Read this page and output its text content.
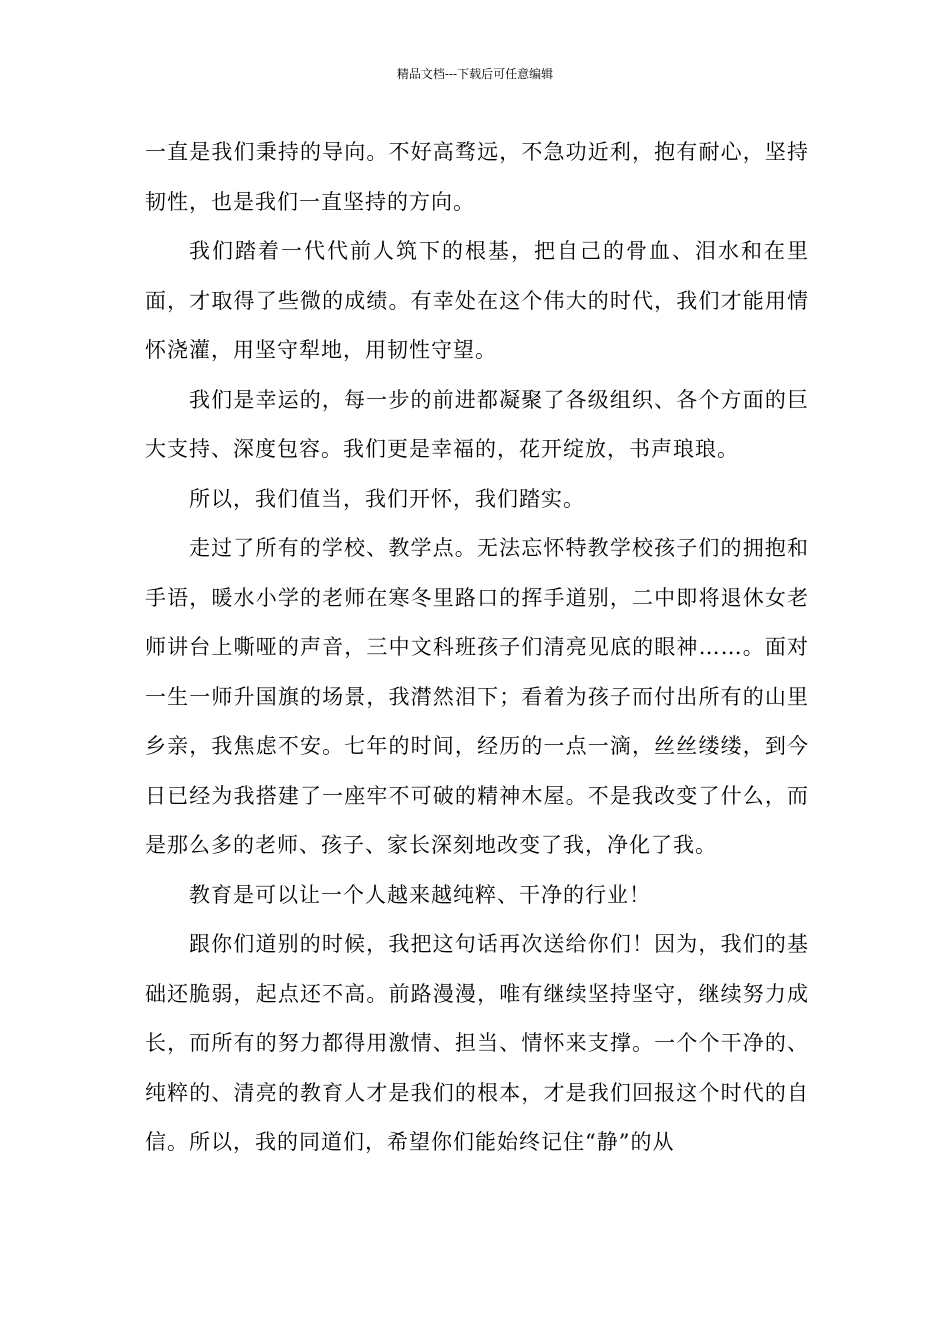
精品文档---下载后可任意编辑

一直是我们秉持的导向。不好高骛远，不急功近利，抱有耐心，坚持韧性，也是我们一直坚持的方向。

我们踏着一代代前人筑下的根基，把自己的骨血、泪水和在里面，才取得了些微的成绩。有幸处在这个伟大的时代，我们才能用情怀浇灌，用坚守犁地，用韧性守望。

我们是幸运的，每一步的前进都凝聚了各级组织、各个方面的巨大支持、深度包容。我们更是幸福的，花开绽放，书声琅琅。

所以，我们值当，我们开怀，我们踏实。

走过了所有的学校、教学点。无法忘怀特教学校孩子们的拥抱和手语，暖水小学的老师在寒冬里路口的挥手道别，二中即将退休女老师讲台上嘶哑的声音，三中文科班孩子们清亮见底的眼神……。面对一生一师升国旗的场景，我潸然泪下；看着为孩子而付出所有的山里乡亲，我焦虑不安。七年的时间，经历的一点一滴，丝丝缕缕，到今日已经为我搭建了一座牢不可破的精神木屋。不是我改变了什么，而是那么多的老师、孩子、家长深刻地改变了我，净化了我。

教育是可以让一个人越来越纯粹、干净的行业！

跟你们道别的时候，我把这句话再次送给你们！因为，我们的基础还脆弱，起点还不高。前路漫漫，唯有继续坚持坚守，继续努力成长，而所有的努力都得用激情、担当、情怀来支撑。一个个干净的、纯粹的、清亮的教育人才是我们的根本，才是我们回报这个时代的自信。所以，我的同道们，希望你们能始终记住“静”的从
